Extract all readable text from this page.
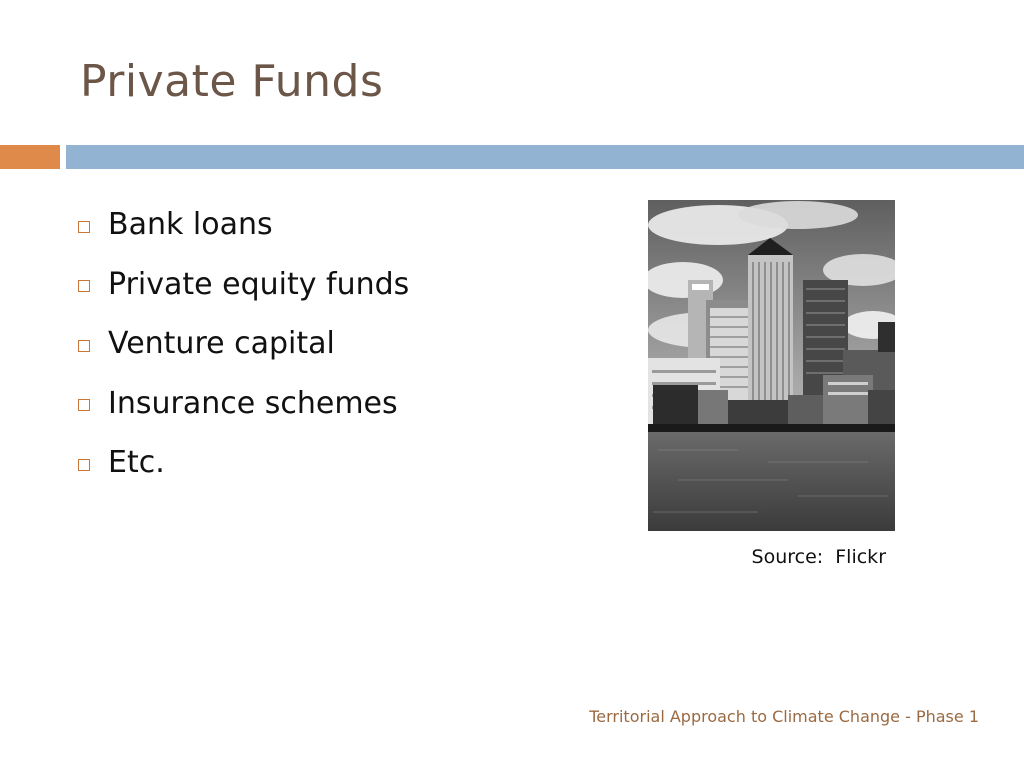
Private Funds
Bank loans
Private equity funds
Venture capital
Insurance schemes
Etc.
Source:  Flickr
Territorial Approach to Climate Change - Phase 1
